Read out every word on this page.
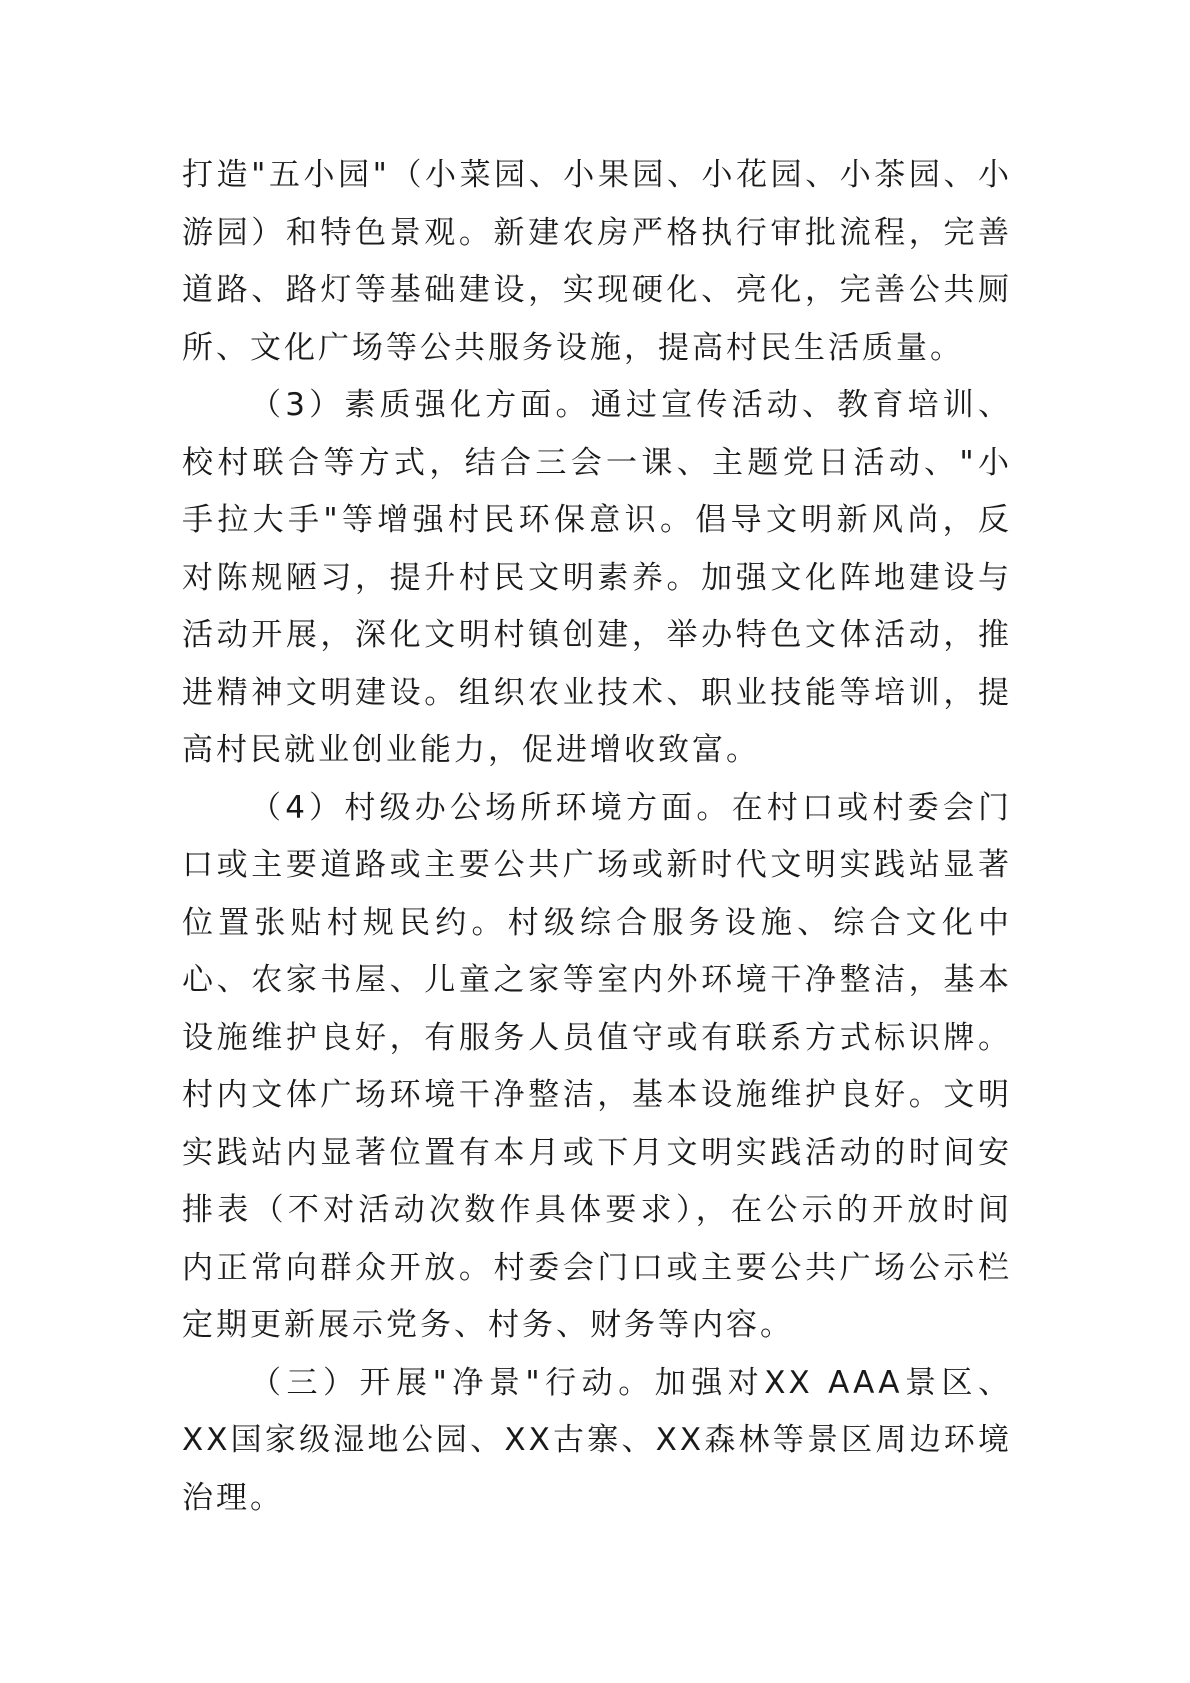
打造"五小园"（小菜园、小果园、小花园、小茶园、小游园）和特色景观。新建农房严格执行审批流程，完善道路、路灯等基础建设，实现硬化、亮化，完善公共厕所、文化广场等公共服务设施，提高村民生活质量。

（3）素质强化方面。通过宣传活动、教育培训、校村联合等方式，结合三会一课、主题党日活动、"小手拉大手"等增强村民环保意识。倡导文明新风尚，反对陈规陋习，提升村民文明素养。加强文化阵地建设与活动开展，深化文明村镇创建，举办特色文体活动，推进精神文明建设。组织农业技术、职业技能等培训，提高村民就业创业能力，促进增收致富。

（4）村级办公场所环境方面。在村口或村委会门口或主要道路或主要公共广场或新时代文明实践站显著位置张贴村规民约。村级综合服务设施、综合文化中心、农家书屋、儿童之家等室内外环境干净整洁，基本设施维护良好，有服务人员值守或有联系方式标识牌。村内文体广场环境干净整洁，基本设施维护良好。文明实践站内显著位置有本月或下月文明实践活动的时间安排表（不对活动次数作具体要求），在公示的开放时间内正常向群众开放。村委会门口或主要公共广场公示栏定期更新展示党务、村务、财务等内容。

（三）开展"净景"行动。加强对XX AAA景区、XX国家级湿地公园、XX古寨、XX森林等景区周边环境治理。
